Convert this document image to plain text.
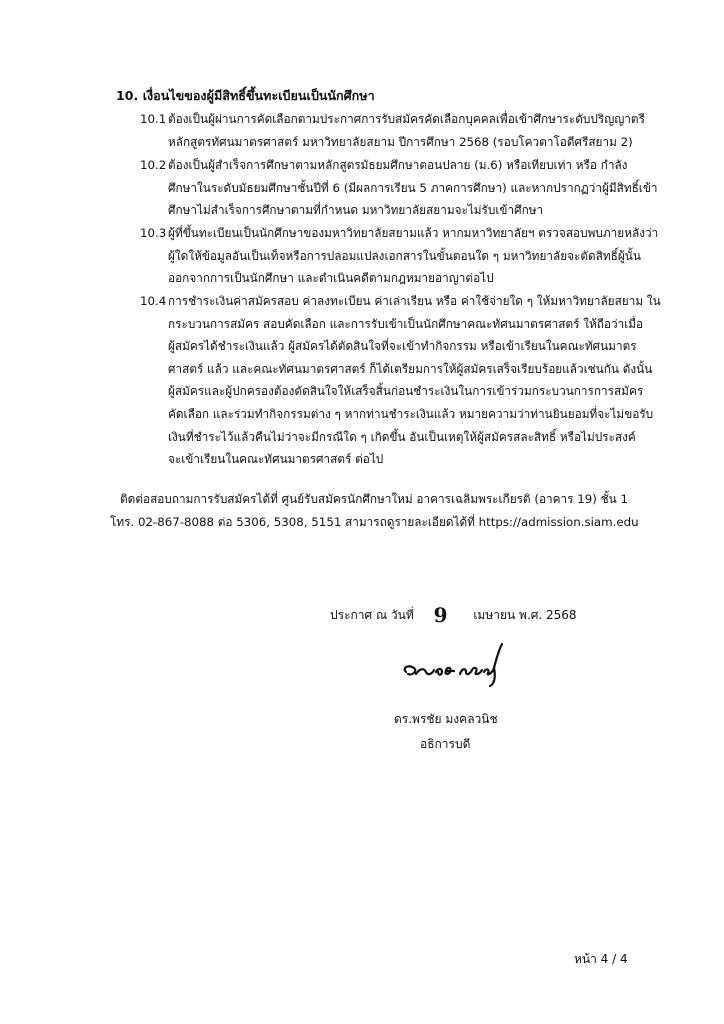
10. เงื่อนไขของผู้มีสิทธิ์ขึ้นทะเบียนเป็นนักศึกษา
10.1 ต้องเป็นผู้ผ่านการคัดเลือกตามประกาศการรับสมัครคัดเลือกบุคคลเพื่อเข้าศึกษาระดับปริญญาตรี
หลักสูตรทัศนมาตรศาสตร์ มหาวิทยาลัยสยาม ปีการศึกษา 2568 (รอบโควตาโอดีศรีสยาม 2)
10.2 ต้องเป็นผู้สำเร็จการศึกษาตามหลักสูตรมัธยมศึกษาตอนปลาย (ม.6) หรือเทียบเท่า หรือ กำลัง
ศึกษาในระดับมัธยมศึกษาชั้นปีที่ 6 (มีผลการเรียน 5 ภาคการศึกษา) และหากปรากฏว่าผู้มีสิทธิ์เข้า
ศึกษาไม่สำเร็จการศึกษาตามที่กำหนด มหาวิทยาลัยสยามจะไม่รับเข้าศึกษา
10.3 ผู้ที่ขึ้นทะเบียนเป็นนักศึกษาของมหาวิทยาลัยสยามแล้ว หากมหาวิทยาลัยฯ ตรวจสอบพบภายหลังว่า
ผู้ใดให้ข้อมูลอันเป็นเท็จหรือการปลอมแปลงเอกสารในขั้นตอนใด ๆ มหาวิทยาลัยจะตัดสิทธิ์ผู้นั้น
ออกจากการเป็นนักศึกษา และดำเนินคดีตามกฎหมายอาญาต่อไป
10.4 การชำระเงินค่าสมัครสอบ ค่าลงทะเบียน ค่าเล่าเรียน หรือ ค่าใช้จ่ายใด ๆ ให้มหาวิทยาลัยสยาม ใน
กระบวนการสมัคร สอบคัดเลือก และการรับเข้าเป็นนักศึกษาคณะทัศนมาตรศาสตร์ ให้ถือว่าเมื่อ
ผู้สมัครได้ชำระเงินแล้ว ผู้สมัครได้ตัดสินใจที่จะเข้าทำกิจกรรม หรือเข้าเรียนในคณะทัศนมาตร
ศาสตร์ แล้ว และคณะทัศนมาตรศาสตร์ ก็ได้เตรียมการให้ผู้สมัครเสร็จเรียบร้อยแล้วเช่นกัน ดังนั้น
ผู้สมัครและผู้ปกครองต้องตัดสินใจให้เสร็จสิ้นก่อนชำระเงินในการเข้าร่วมกระบวนการการสมัคร
คัดเลือก และร่วมทำกิจกรรมต่าง ๆ หากท่านชำระเงินแล้ว หมายความว่าท่านยินยอมที่จะไม่ขอรับ
เงินที่ชำระไว้แล้วคืนไม่ว่าจะมีกรณีใด ๆ เกิดขึ้น อันเป็นเหตุให้ผู้สมัครสละสิทธิ์ หรือไม่ประสงค์
จะเข้าเรียนในคณะทัศนมาตรศาสตร์ ต่อไป
ติดต่อสอบถามการรับสมัครได้ที่ ศูนย์รับสมัครนักศึกษาใหม่ อาคารเฉลิมพระเกียรติ (อาคาร 19) ชั้น 1
โทร. 02-867-8088 ต่อ 5306, 5308, 5151 สามารถดูรายละเอียดได้ที่ https://admission.siam.edu
ประกาศ ณ วันที่ 9 เมษายน พ.ศ. 2568
ดร.พรชัย มงคลวนิช
อธิการบดี
หน้า 4 / 4
